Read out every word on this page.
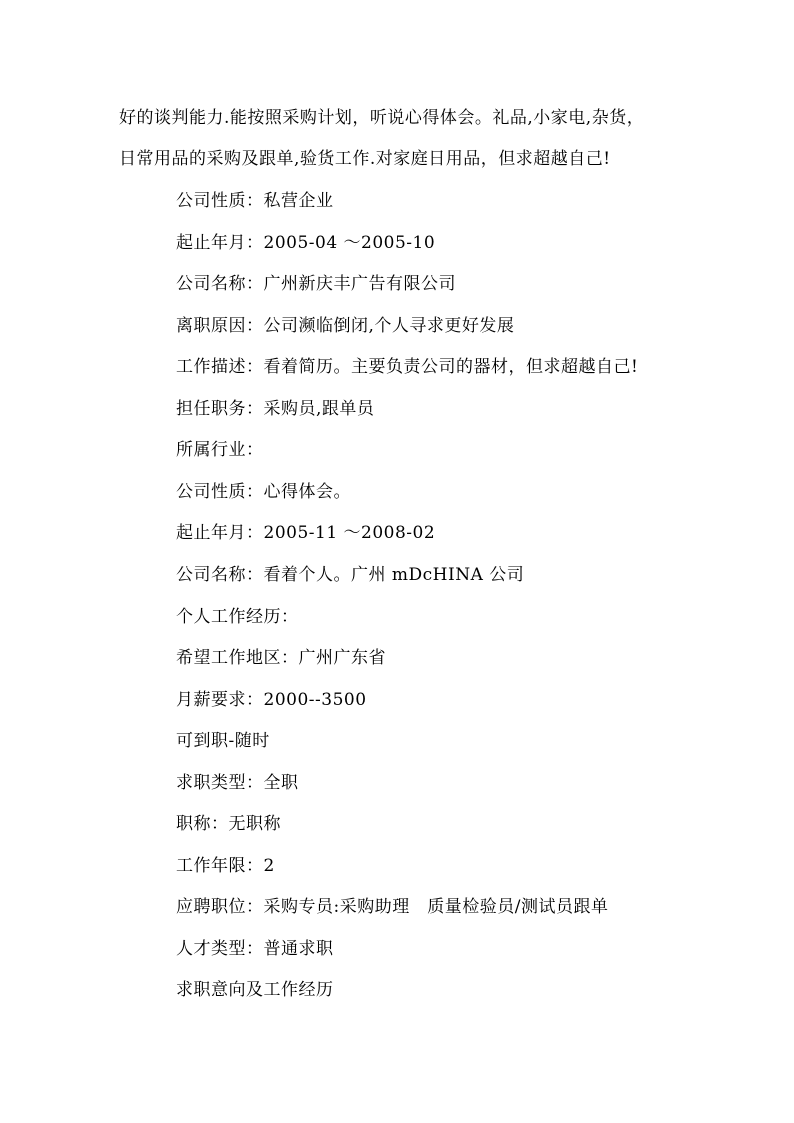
好的谈判能力.能按照采购计划，听说心得体会。礼品,小家电,杂货，
日常用品的采购及跟单,验货工作.对家庭日用品，但求超越自己!
公司性质：私营企业
起止年月：2005-04 ～2005-10
公司名称：广州新庆丰广告有限公司
离职原因：公司濒临倒闭,个人寻求更好发展
工作描述：看着简历。主要负责公司的器材，但求超越自己!
担任职务：采购员,跟单员
所属行业：
公司性质：心得体会。
起止年月：2005-11 ～2008-02
公司名称：看着个人。广州 mDcHINA 公司
个人工作经历：
希望工作地区：广州广东省
月薪要求：2000--3500
可到职-随时
求职类型：全职
职称：无职称
工作年限：2
应聘职位：采购专员:采购助理　质量检验员/测试员跟单
人才类型：普通求职
求职意向及工作经历
